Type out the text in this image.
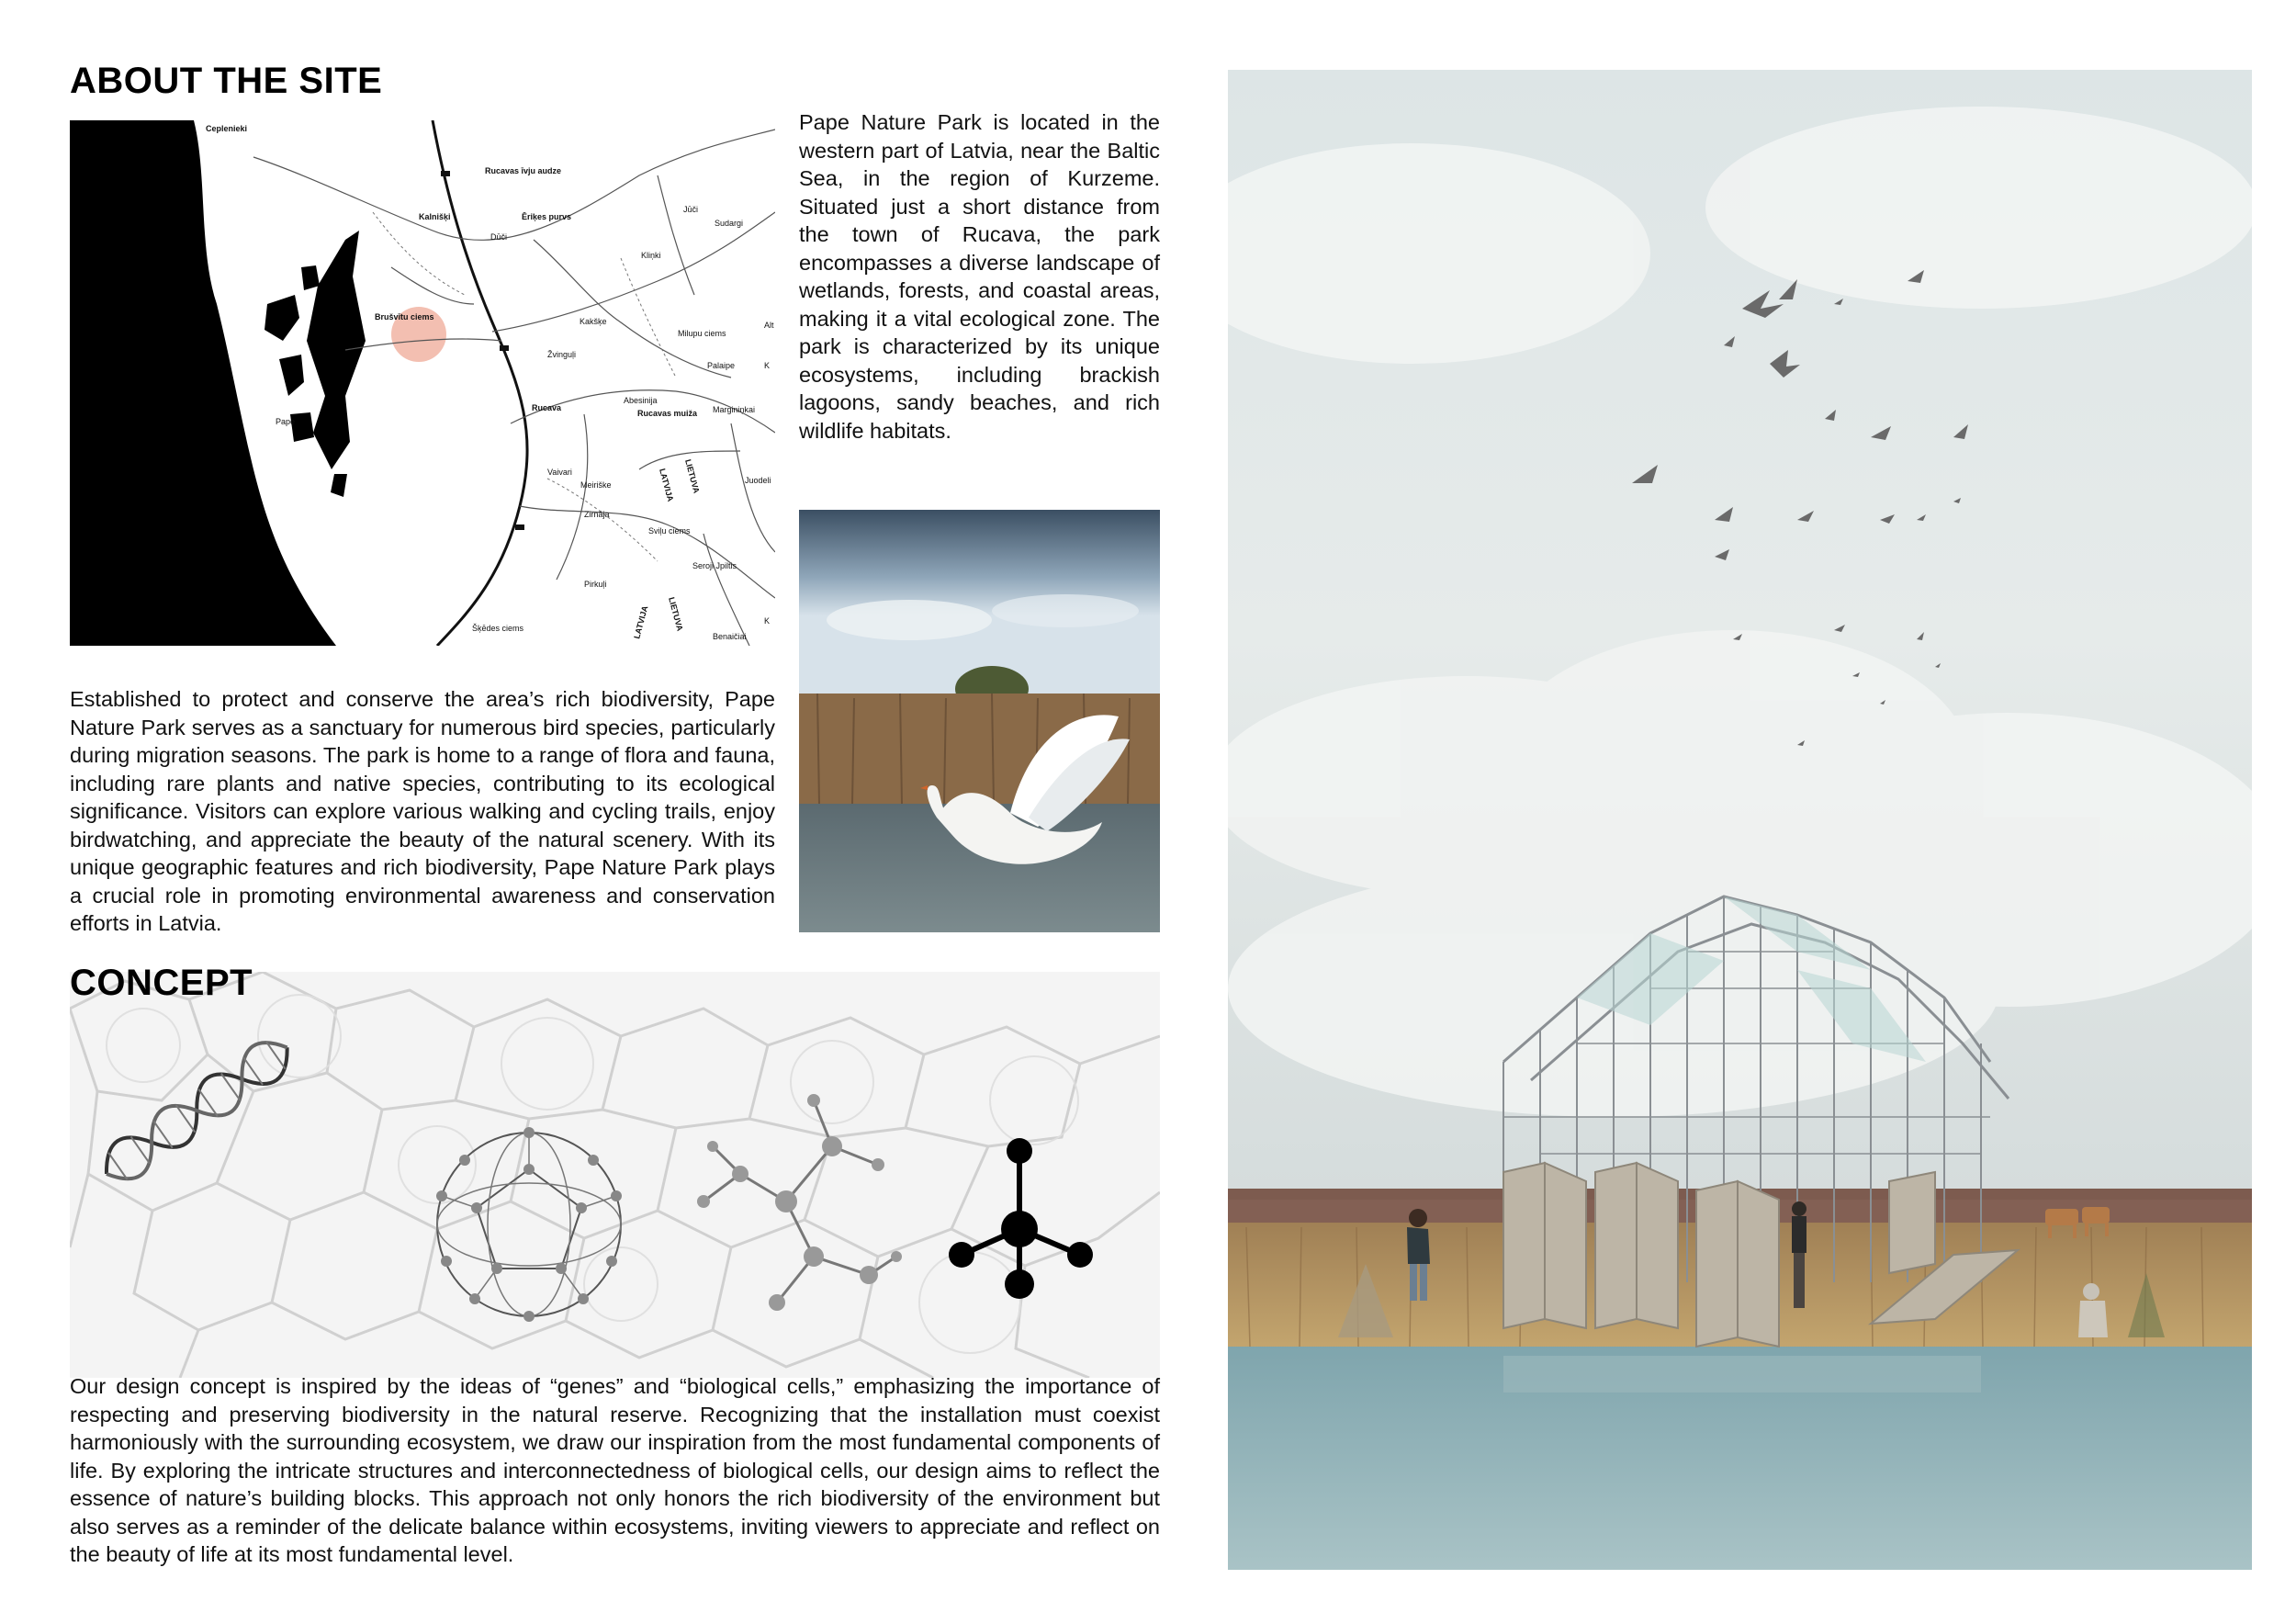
ABOUT THE SITE
Ceplenieki
Rucavas īvju audze
Kalnišķi	Ēriķes purvs
Dūči
Jūči
Sudargi
Kliņki
Brušvītu ciems	Kakšķe
Milupu ciems
Žvinguļi
Palaipe
Rucava
Abesinija
Rucavas muiža Marginiņkai
Pape
Vaivari
Meiriške	LIETUVA
LATVIJA	Juodeli
Zirnāja
Sviļu ciems
Seroji Jpiltis
Pirkuļi
LATVIJA LIETUVA
Šķēdes ciems
Benaičiai
Alt
K
K

Pape Nature Park is located in the western part of Latvia, near the Baltic Sea, in the region of Kurzeme. Situated just a short distance from the town of Rucava, the park encompasses a diverse landscape of wetlands, forests, and coastal areas, making it a vital ecological zone. The park is characterized by its unique ecosystems, including brackish lagoons, sandy beaches, and rich wildlife habitats.

Established to protect and conserve the area’s rich biodiversity, Pape Nature Park serves as a sanctuary for numerous bird species, particularly during migration seasons. The park is home to a range of flora and fauna, including rare plants and native species, contributing to its ecological significance. Visitors can explore various walking and cycling trails, enjoy birdwatching, and appreciate the beauty of the natural scenery. With its unique geographic features and rich biodiversity, Pape Nature Park plays a crucial role in promoting environmental awareness and conservation efforts in Latvia.

CONCEPT

Our design concept is inspired by the ideas of “genes” and “biological cells,” emphasizing the importance of respecting and preserving biodiversity in the natural reserve. Recognizing that the installation must coexist harmoniously with the surrounding ecosystem, we draw our inspiration from the most fundamental components of life. By exploring the intricate structures and interconnectedness of biological cells, our design aims to reflect the essence of nature’s building blocks. This approach not only honors the rich biodiversity of the environment but also serves as a reminder of the delicate balance within ecosystems, inviting viewers to appreciate and reflect on the beauty of life at its most fundamental level.
